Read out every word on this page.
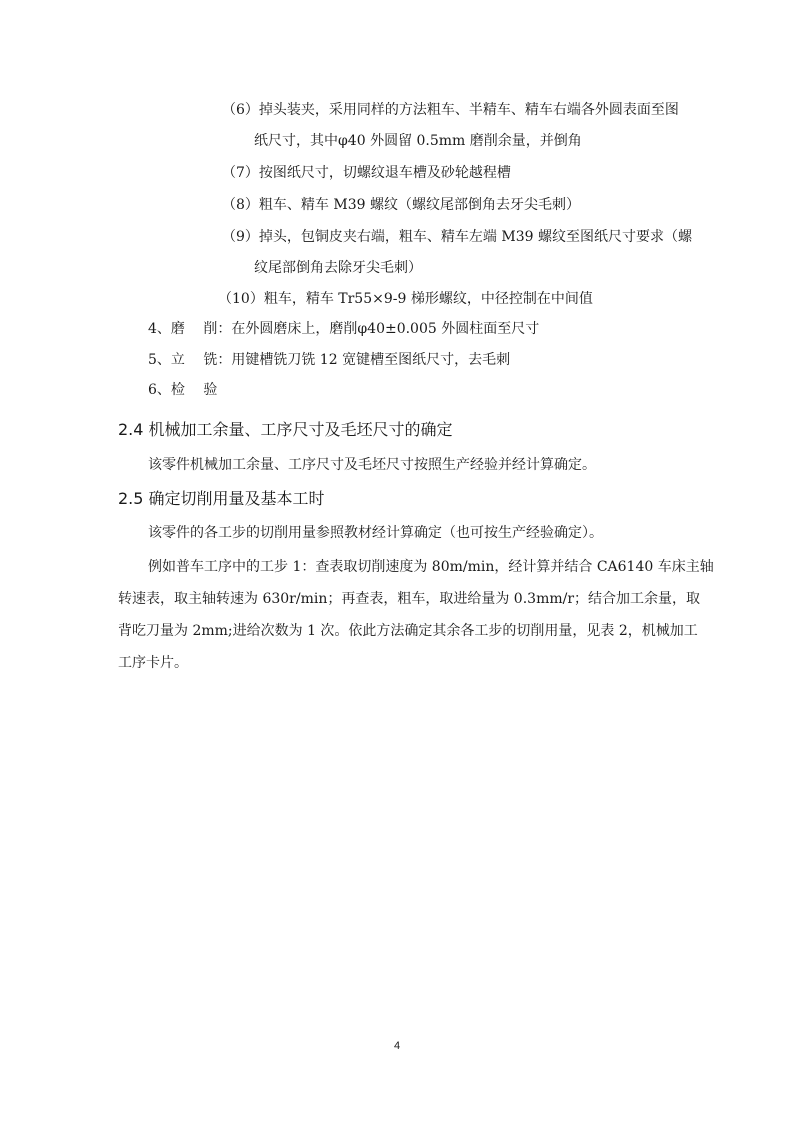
（6）掉头装夹，采用同样的方法粗车、半精车、精车右端各外圆表面至图
纸尺寸，其中φ40 外圆留 0.5mm 磨削余量，并倒角
（7）按图纸尺寸，切螺纹退车槽及砂轮越程槽
（8）粗车、精车 M39 螺纹（螺纹尾部倒角去牙尖毛刺）
（9）掉头，包铜皮夹右端，粗车、精车左端 M39 螺纹至图纸尺寸要求（螺
纹尾部倒角去除牙尖毛刺）
（10）粗车，精车 Tr55×9-9 梯形螺纹，中径控制在中间值
4、磨　 削：在外圆磨床上，磨削φ40±0.005 外圆柱面至尺寸
5、立　 铣：用键槽铣刀铣 12 宽键槽至图纸尺寸，去毛刺
6、检　 验
2.4 机械加工余量、工序尺寸及毛坯尺寸的确定
该零件机械加工余量、工序尺寸及毛坯尺寸按照生产经验并经计算确定。
2.5 确定切削用量及基本工时
该零件的各工步的切削用量参照教材经计算确定（也可按生产经验确定）。
例如普车工序中的工步 1：查表取切削速度为 80m/min，经计算并结合 CA6140 车床主轴
转速表，取主轴转速为 630r/min；再查表，粗车，取进给量为 0.3mm/r；结合加工余量，取
背吃刀量为 2mm;进给次数为 1 次。依此方法确定其余各工步的切削用量，见表 2，机械加工
工序卡片。
4
